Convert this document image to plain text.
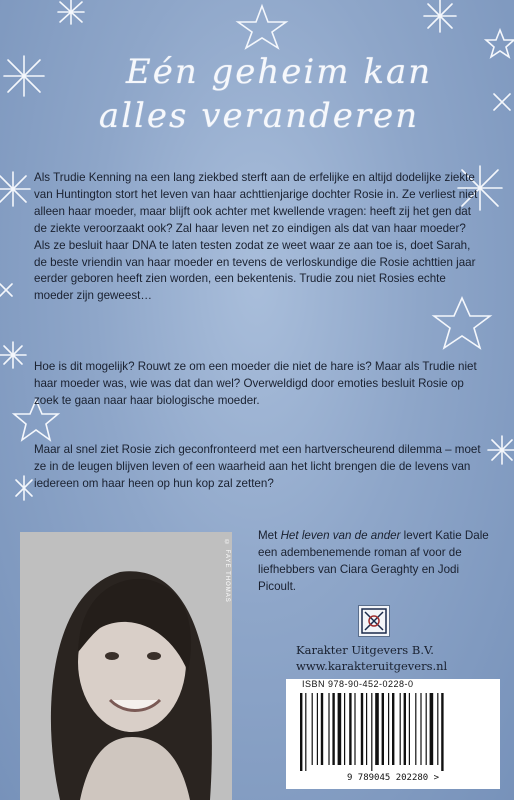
Eén geheim kan
alles veranderen

Als Trudie Kenning na een lang ziekbed sterft aan de erfelijke en altijd dodelijke ziekte van Huntington stort het leven van haar achttienjarige dochter Rosie in. Ze verliest niet alleen haar moeder, maar blijft ook achter met kwellende vragen: heeft zij het gen dat de ziekte veroorzaakt ook? Zal haar leven net zo eindigen als dat van haar moeder? Als ze besluit haar DNA te laten testen zodat ze weet waar ze aan toe is, doet Sarah, de beste vriendin van haar moeder en tevens de verloskundige die Rosie achttien jaar eerder geboren heeft zien worden, een bekentenis. Trudie zou niet Rosies echte moeder zijn geweest…

Hoe is dit mogelijk? Rouwt ze om een moeder die niet de hare is? Maar als Trudie niet haar moeder was, wie was dat dan wel? Overweldigd door emoties besluit Rosie op zoek te gaan naar haar biologische moeder.

Maar al snel ziet Rosie zich geconfronteerd met een hartverscheurend dilemma – moet ze in de leugen blijven leven of een waarheid aan het licht brengen die de levens van iedereen om haar heen op hun kop zal zetten?

Met Het leven van de ander levert Katie Dale een adembenemende roman af voor de liefhebbers van Ciara Geraghty en Jodi Picoult.

© FAYE THOMAS

Karakter Uitgevers B.V.
www.karakteruitgevers.nl

ISBN 978-90-452-0228-0
9 789045 202280 >
